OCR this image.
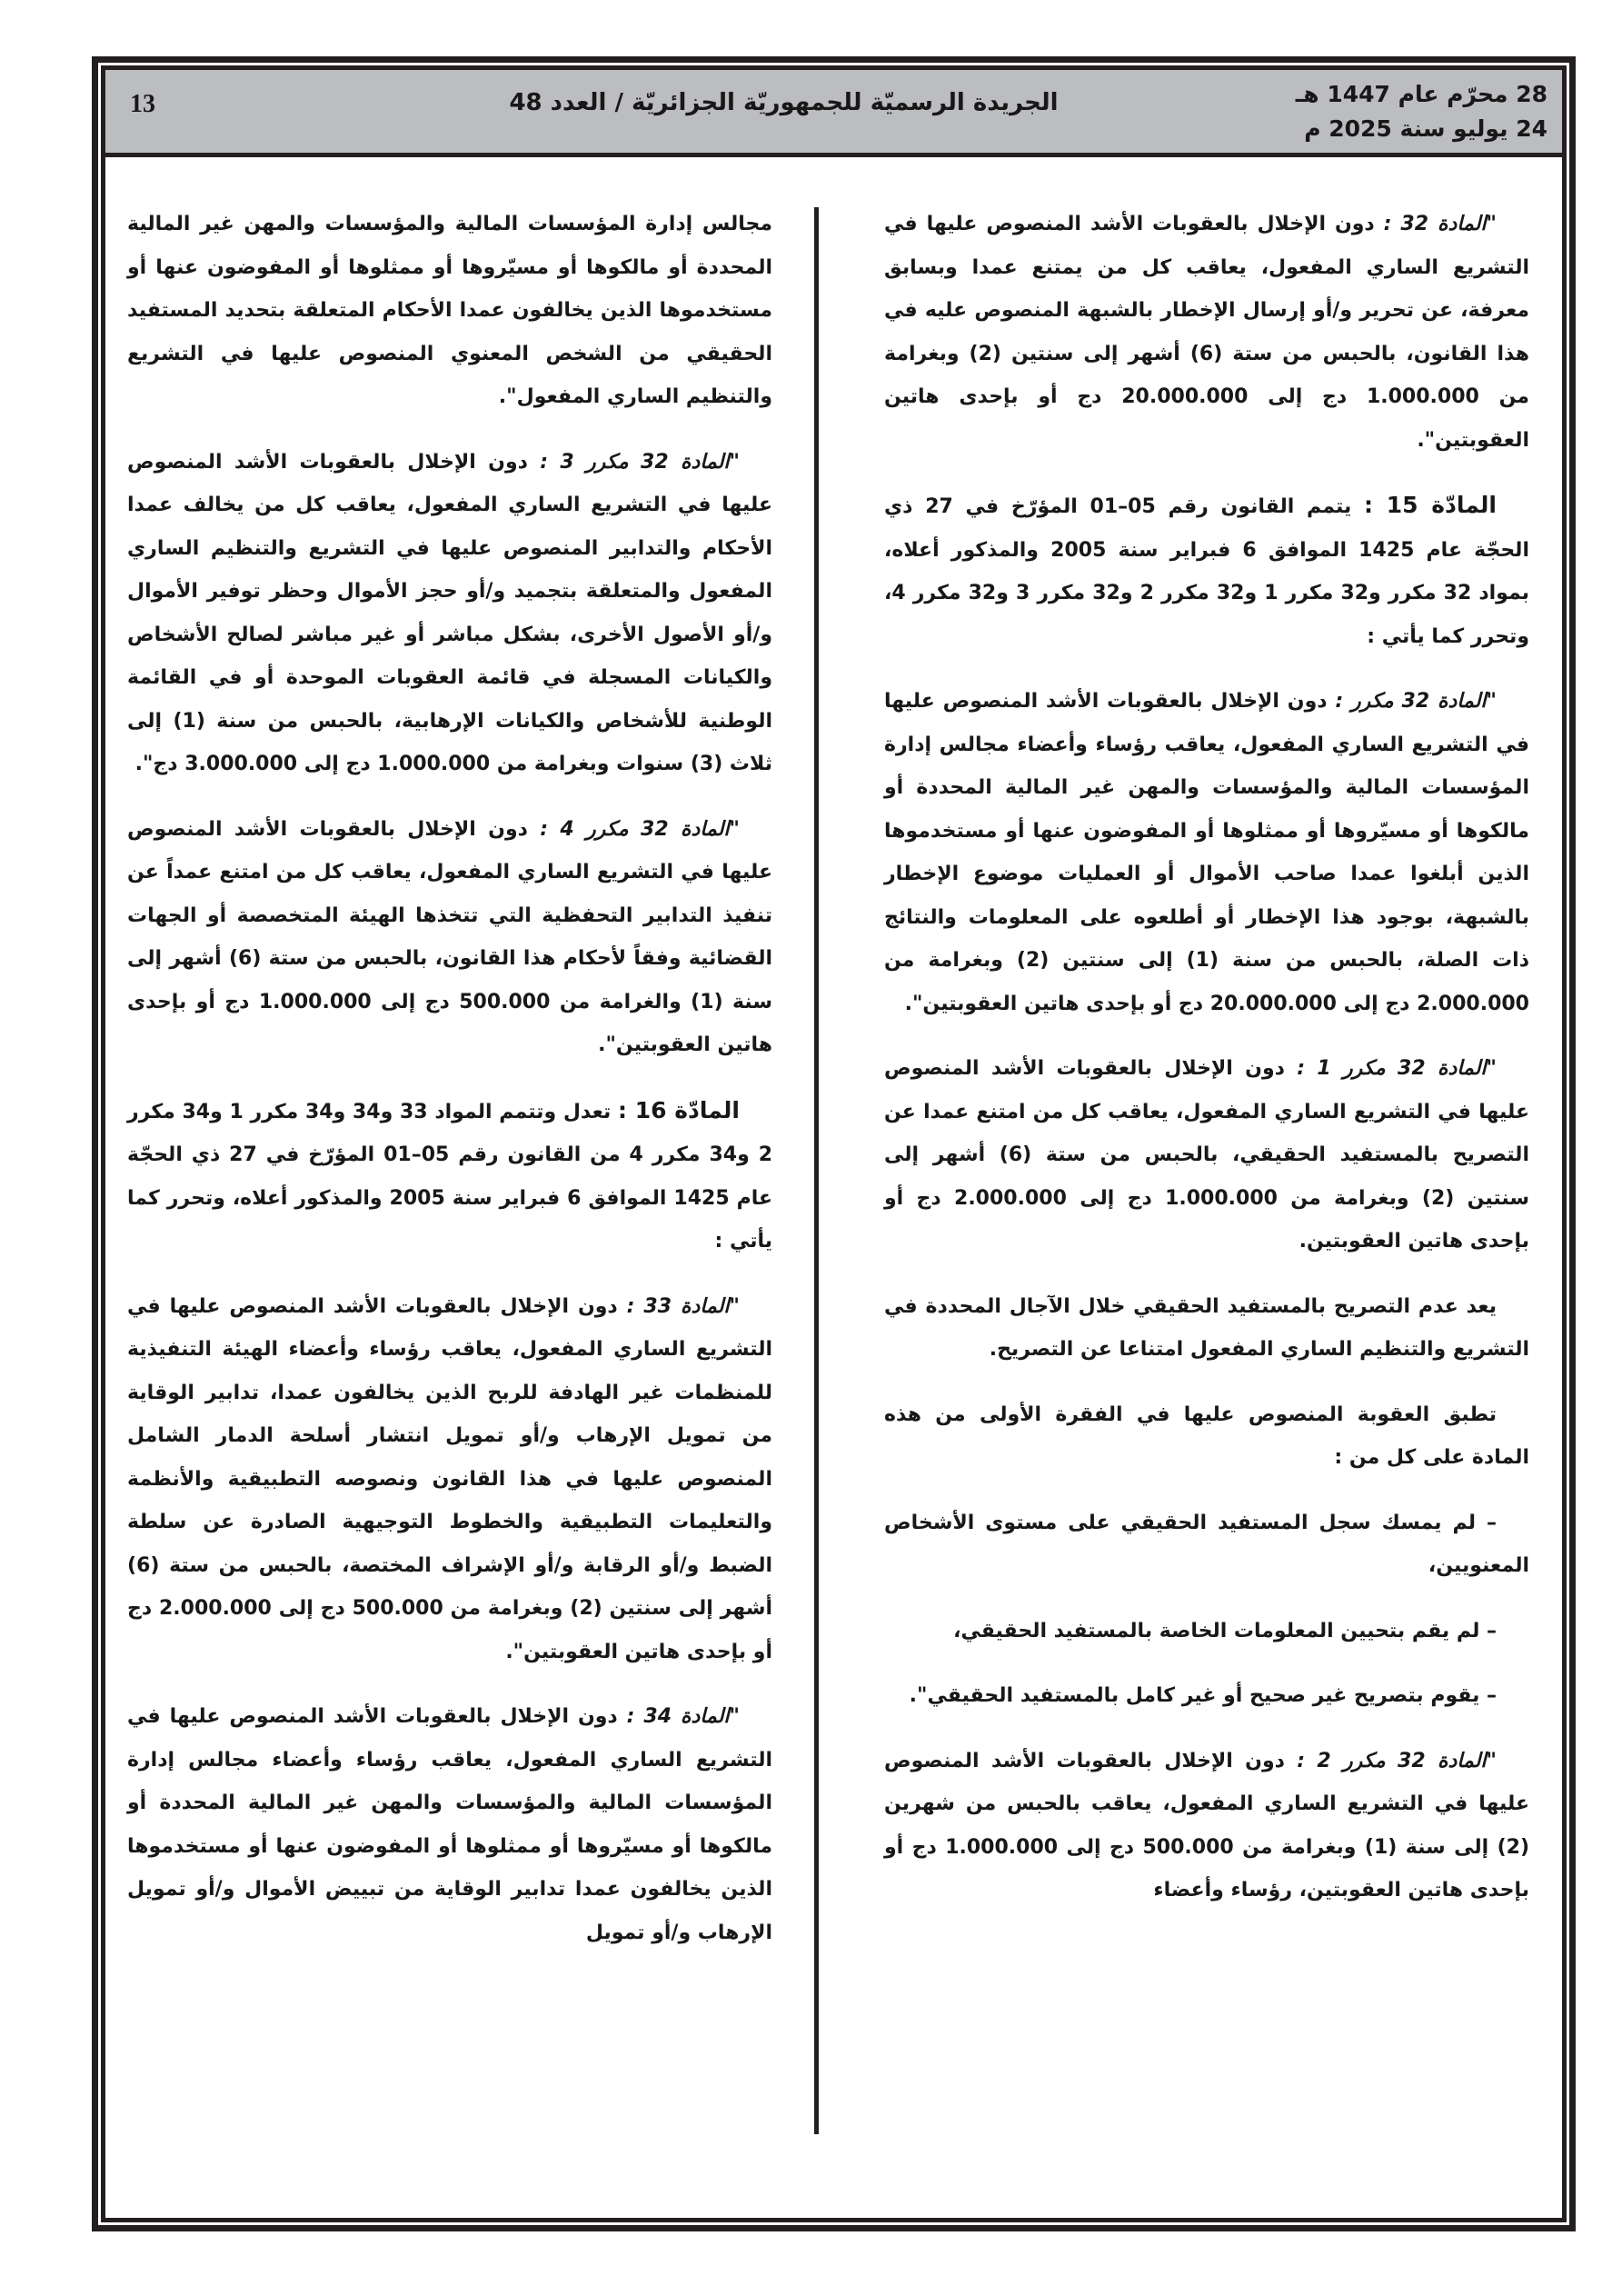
13	الجريدة الرسميّة للجمهوريّة الجزائريّة / العدد 48	28 محرّم عام 1447 هـ
24 يوليو سنة 2025 م

"المادة 32 : دون الإخلال بالعقوبات الأشد المنصوص عليها في التشريع الساري المفعول، يعاقب كل من يمتنع عمدا وبسابق معرفة، عن تحرير و/أو إرسال الإخطار بالشبهة المنصوص عليه في هذا القانون، بالحبس من ستة (6) أشهر إلى سنتين (2) وبغرامة من 1.000.000 دج إلى 20.000.000 دج أو بإحدى هاتين العقوبتين".

المادّة 15 : يتمم القانون رقم 05–01 المؤرّخ في 27 ذي الحجّة عام 1425 الموافق 6 فبراير سنة 2005 والمذكور أعلاه، بمواد 32 مكرر و32 مكرر 1 و32 مكرر 2 و32 مكرر 3 و32 مكرر 4، وتحرر كما يأتي :

"المادة 32 مكرر : دون الإخلال بالعقوبات الأشد المنصوص عليها في التشريع الساري المفعول، يعاقب رؤساء وأعضاء مجالس إدارة المؤسسات المالية والمؤسسات والمهن غير المالية المحددة أو مالكوها أو مسيّروها أو ممثلوها أو المفوضون عنها أو مستخدموها الذين أبلغوا عمدا صاحب الأموال أو العمليات موضوع الإخطار بالشبهة، بوجود هذا الإخطار أو أطلعوه على المعلومات والنتائج ذات الصلة، بالحبس من سنة (1) إلى سنتين (2) وبغرامة من 2.000.000 دج إلى 20.000.000 دج أو بإحدى هاتين العقوبتين".

"المادة 32 مكرر 1 : دون الإخلال بالعقوبات الأشد المنصوص عليها في التشريع الساري المفعول، يعاقب كل من امتنع عمدا عن التصريح بالمستفيد الحقيقي، بالحبس من ستة (6) أشهر إلى سنتين (2) وبغرامة من 1.000.000 دج إلى 2.000.000 دج أو بإحدى هاتين العقوبتين.

يعد عدم التصريح بالمستفيد الحقيقي خلال الآجال المحددة في التشريع والتنظيم الساري المفعول امتناعا عن التصريح.

تطبق العقوبة المنصوص عليها في الفقرة الأولى من هذه المادة على كل من :

– لم يمسك سجل المستفيد الحقيقي على مستوى الأشخاص المعنويين،

– لم يقم بتحيين المعلومات الخاصة بالمستفيد الحقيقي،

– يقوم بتصريح غير صحيح أو غير كامل بالمستفيد الحقيقي".

"المادة 32 مكرر 2 : دون الإخلال بالعقوبات الأشد المنصوص عليها في التشريع الساري المفعول، يعاقب بالحبس من شهرين (2) إلى سنة (1) وبغرامة من 500.000 دج إلى 1.000.000 دج أو بإحدى هاتين العقوبتين، رؤساء وأعضاء

مجالس إدارة المؤسسات المالية والمؤسسات والمهن غير المالية المحددة أو مالكوها أو مسيّروها أو ممثلوها أو المفوضون عنها أو مستخدموها الذين يخالفون عمدا الأحكام المتعلقة بتحديد المستفيد الحقيقي من الشخص المعنوي المنصوص عليها في التشريع والتنظيم الساري المفعول".

"المادة 32 مكرر 3 : دون الإخلال بالعقوبات الأشد المنصوص عليها في التشريع الساري المفعول، يعاقب كل من يخالف عمدا الأحكام والتدابير المنصوص عليها في التشريع والتنظيم الساري المفعول والمتعلقة بتجميد و/أو حجز الأموال وحظر توفير الأموال و/أو الأصول الأخرى، بشكل مباشر أو غير مباشر لصالح الأشخاص والكيانات المسجلة في قائمة العقوبات الموحدة أو في القائمة الوطنية للأشخاص والكيانات الإرهابية، بالحبس من سنة (1) إلى ثلاث (3) سنوات وبغرامة من 1.000.000 دج إلى 3.000.000 دج".

"المادة 32 مكرر 4 : دون الإخلال بالعقوبات الأشد المنصوص عليها في التشريع الساري المفعول، يعاقب كل من امتنع عمداً عن تنفيذ التدابير التحفظية التي تتخذها الهيئة المتخصصة أو الجهات القضائية وفقاً لأحكام هذا القانون، بالحبس من ستة (6) أشهر إلى سنة (1) والغرامة من 500.000 دج إلى 1.000.000 دج أو بإحدى هاتين العقوبتين".

المادّة 16 : تعدل وتتمم المواد 33 و34 و34 مكرر 1 و34 مكرر 2 و34 مكرر 4 من القانون رقم 05–01 المؤرّخ في 27 ذي الحجّة عام 1425 الموافق 6 فبراير سنة 2005 والمذكور أعلاه، وتحرر كما يأتي :

"المادة 33 : دون الإخلال بالعقوبات الأشد المنصوص عليها في التشريع الساري المفعول، يعاقب رؤساء وأعضاء الهيئة التنفيذية للمنظمات غير الهادفة للربح الذين يخالفون عمدا، تدابير الوقاية من تمويل الإرهاب و/أو تمويل انتشار أسلحة الدمار الشامل المنصوص عليها في هذا القانون ونصوصه التطبيقية والأنظمة والتعليمات التطبيقية والخطوط التوجيهية الصادرة عن سلطة الضبط و/أو الرقابة و/أو الإشراف المختصة، بالحبس من ستة (6) أشهر إلى سنتين (2) وبغرامة من 500.000 دج إلى 2.000.000 دج أو بإحدى هاتين العقوبتين".

"المادة 34 : دون الإخلال بالعقوبات الأشد المنصوص عليها في التشريع الساري المفعول، يعاقب رؤساء وأعضاء مجالس إدارة المؤسسات المالية والمؤسسات والمهن غير المالية المحددة أو مالكوها أو مسيّروها أو ممثلوها أو المفوضون عنها أو مستخدموها الذين يخالفون عمدا تدابير الوقاية من تبييض الأموال و/أو تمويل الإرهاب و/أو تمويل
